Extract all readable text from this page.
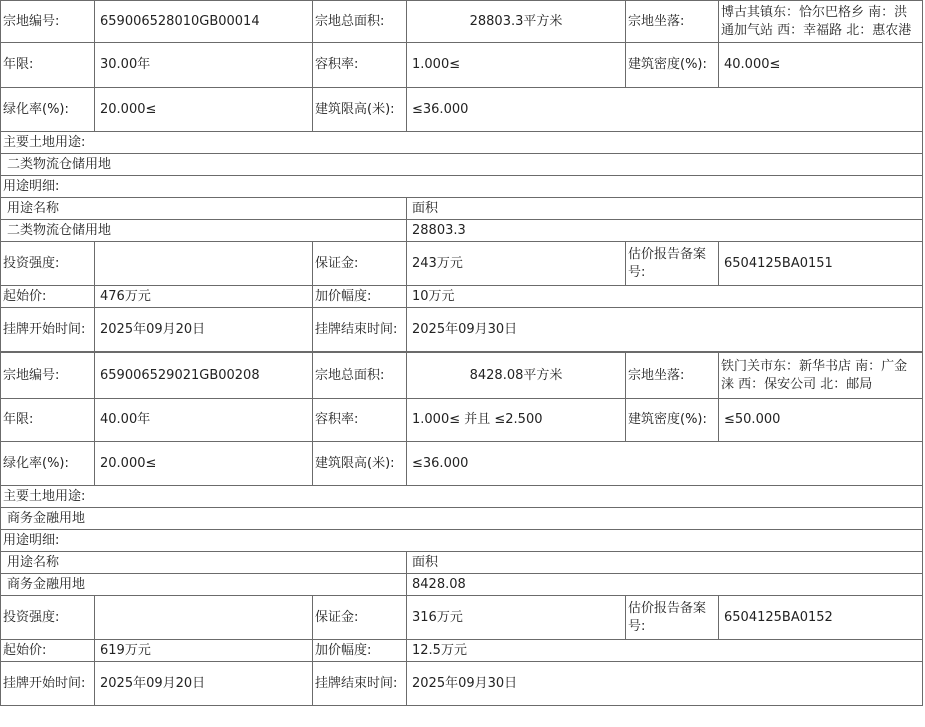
宗地编号:	659006528010GB00014	宗地总面积:	28803.3平方米	宗地坐落:	博古其镇东：恰尔巴格乡 南：洪通加气站 西：幸福路 北：惠农港
年限:	30.00年	容积率:	1.000≤	建筑密度(%):	40.000≤
绿化率(%):	20.000≤	建筑限高(米):	≤36.000		
主要土地用途:					
二类物流仓储用地					
用途明细:					
用途名称			面积		
二类物流仓储用地			28803.3		
投资强度:		保证金:	243万元	估价报告备案号:	6504125BA0151
起始价:	476万元	加价幅度:	10万元		
挂牌开始时间:	2025年09月20日	挂牌结束时间:	2025年09月30日		
宗地编号:	659006529021GB00208	宗地总面积:	8428.08平方米	宗地坐落:	铁门关市东：新华书店 南：广金涞 西：保安公司 北：邮局
年限:	40.00年	容积率:	1.000≤ 并且 ≤2.500	建筑密度(%):	≤50.000
绿化率(%):	20.000≤	建筑限高(米):	≤36.000		
主要土地用途:					
商务金融用地					
用途明细:					
用途名称			面积		
商务金融用地			8428.08		
投资强度:		保证金:	316万元	估价报告备案号:	6504125BA0152
起始价:	619万元	加价幅度:	12.5万元		
挂牌开始时间:	2025年09月20日	挂牌结束时间:	2025年09月30日		
